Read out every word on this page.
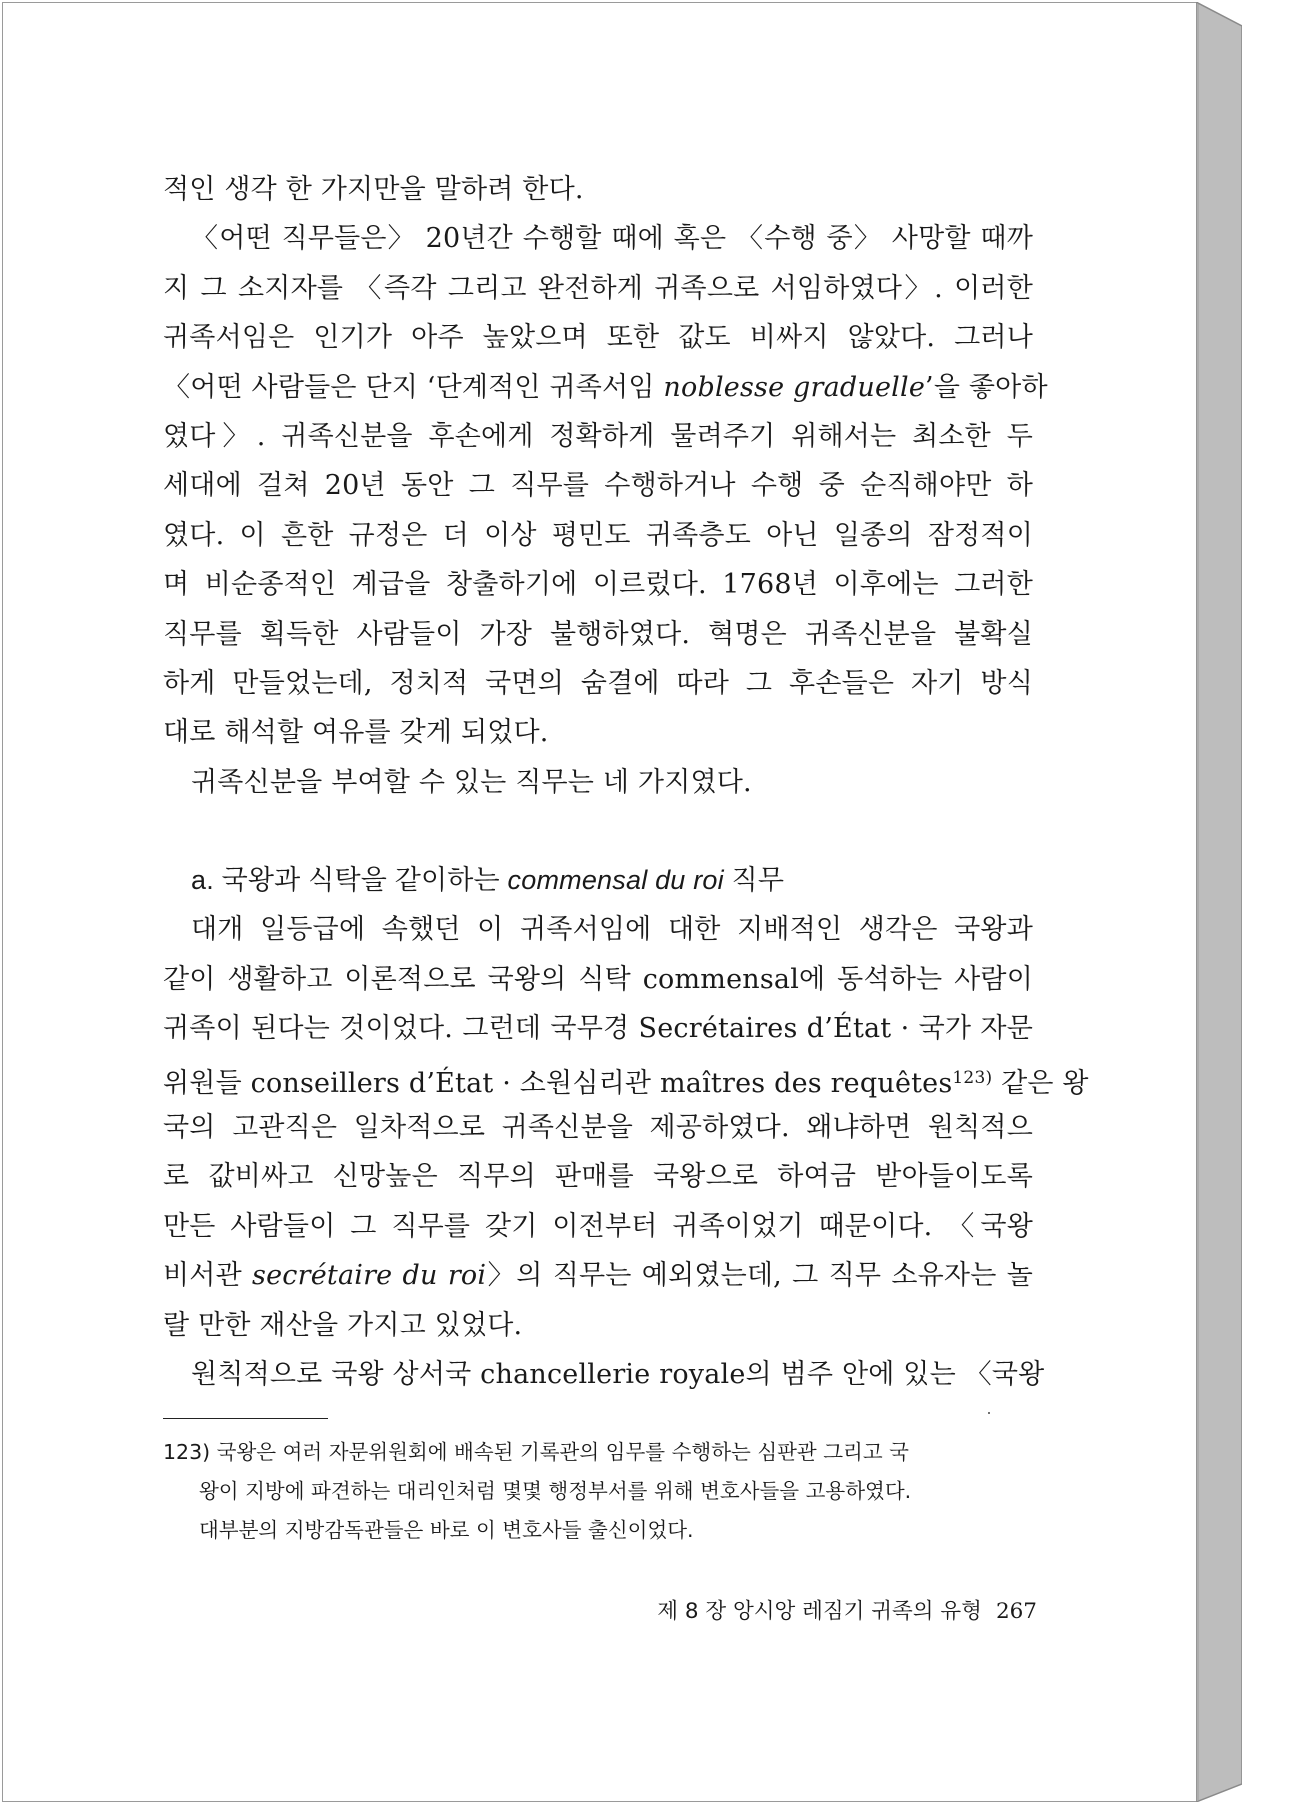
적인 생각 한 가지만을 말하려 한다.
〈어떤 직무들은〉 20년간 수행할 때에 혹은 〈수행 중〉 사망할 때까
지 그 소지자를 〈즉각 그리고 완전하게 귀족으로 서임하였다〉. 이러한
귀족서임은 인기가 아주 높았으며 또한 값도 비싸지 않았다. 그러나
〈어떤 사람들은 단지 ‘단계적인 귀족서임 noblesse graduelle’을 좋아하
였다〉. 귀족신분을 후손에게 정확하게 물려주기 위해서는 최소한 두
세대에 걸쳐 20년 동안 그 직무를 수행하거나 수행 중 순직해야만 하
였다. 이 흔한 규정은 더 이상 평민도 귀족층도 아닌 일종의 잠정적이
며 비순종적인 계급을 창출하기에 이르렀다. 1768년 이후에는 그러한
직무를 획득한 사람들이 가장 불행하였다. 혁명은 귀족신분을 불확실
하게 만들었는데, 정치적 국면의 숨결에 따라 그 후손들은 자기 방식
대로 해석할 여유를 갖게 되었다.
귀족신분을 부여할 수 있는 직무는 네 가지였다.
a. 국왕과 식탁을 같이하는 commensal du roi 직무
대개 일등급에 속했던 이 귀족서임에 대한 지배적인 생각은 국왕과
같이 생활하고 이론적으로 국왕의 식탁 commensal에 동석하는 사람이
귀족이 된다는 것이었다. 그런데 국무경 Secrétaires d’État · 국가 자문
위원들 conseillers d’État · 소원심리관 maîtres des requêtes$^{123)}$ 같은 왕
국의 고관직은 일차적으로 귀족신분을 제공하였다. 왜냐하면 원칙적으
로 값비싸고 신망높은 직무의 판매를 국왕으로 하여금 받아들이도록
만든 사람들이 그 직무를 갖기 이전부터 귀족이었기 때문이다. 〈국왕
비서관 secrétaire du roi〉의 직무는 예외였는데, 그 직무 소유자는 놀
랄 만한 재산을 가지고 있었다.
원칙적으로 국왕 상서국 chancellerie royale의 범주 안에 있는 〈국왕
123) 국왕은 여러 자문위원회에 배속된 기록관의 임무를 수행하는 심판관 그리고 국
왕이 지방에 파견하는 대리인처럼 몇몇 행정부서를 위해 변호사들을 고용하였다.
대부분의 지방감독관들은 바로 이 변호사들 출신이었다.
제 8 장 앙시앙 레짐기 귀족의 유형 267
